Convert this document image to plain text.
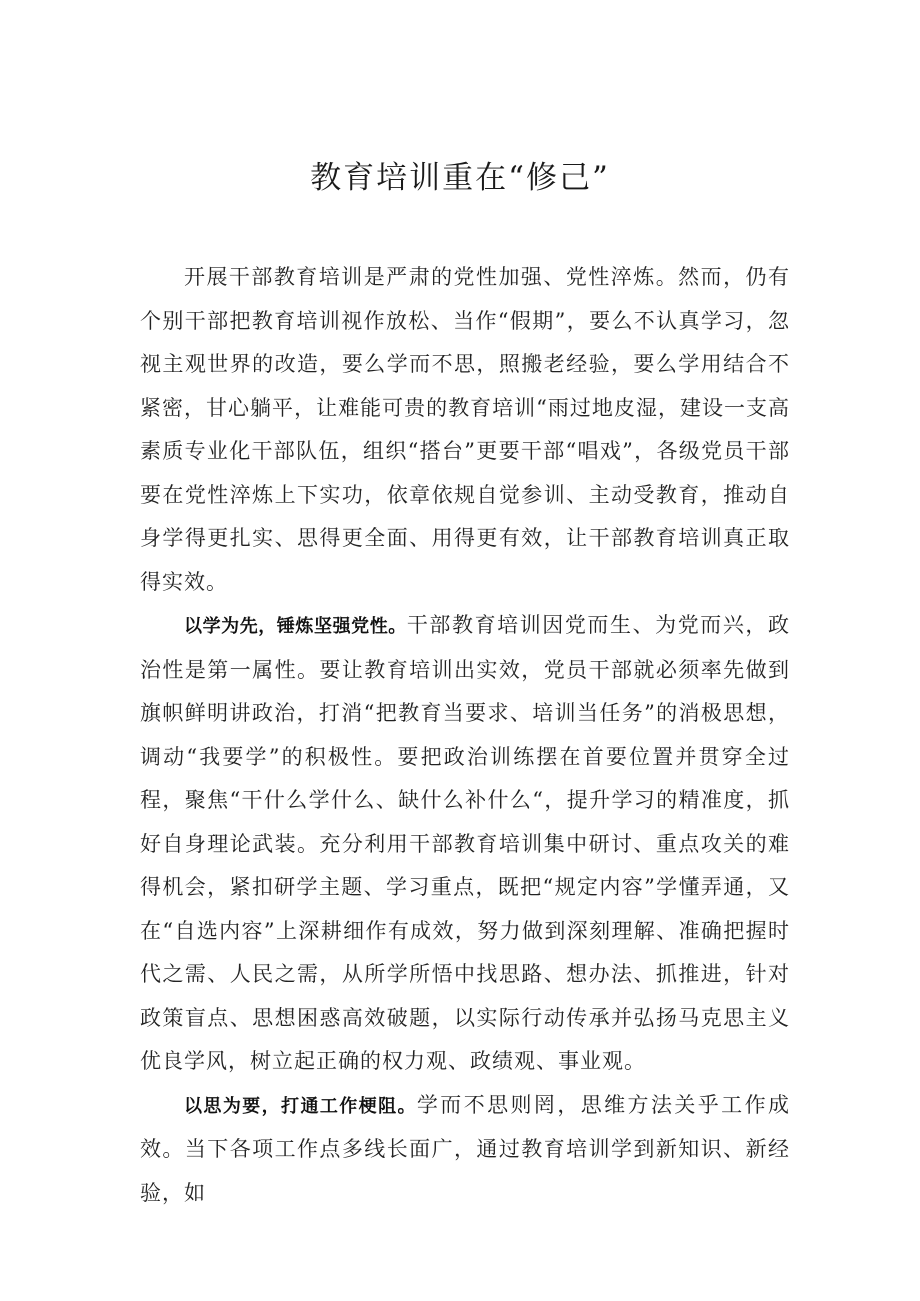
教育培训重在“修己”

开展干部教育培训是严肃的党性加强、党性淬炼。然而，仍有个别干部把教育培训视作放松、当作“假期”，要么不认真学习，忽视主观世界的改造，要么学而不思，照搬老经验，要么学用结合不紧密，甘心躺平，让难能可贵的教育培训“雨过地皮湿，建设一支高素质专业化干部队伍，组织“搭台”更要干部“唱戏”，各级党员干部要在党性淬炼上下实功，依章依规自觉参训、主动受教育，推动自身学得更扎实、思得更全面、用得更有效，让干部教育培训真正取得实效。

以学为先，锤炼坚强党性。干部教育培训因党而生、为党而兴，政治性是第一属性。要让教育培训出实效，党员干部就必须率先做到旗帜鲜明讲政治，打消“把教育当要求、培训当任务”的消极思想，调动“我要学”的积极性。要把政治训练摆在首要位置并贯穿全过程，聚焦“干什么学什么、缺什么补什么“，提升学习的精准度，抓好自身理论武装。充分利用干部教育培训集中研讨、重点攻关的难得机会，紧扣研学主题、学习重点，既把“规定内容”学懂弄通，又在“自选内容”上深耕细作有成效，努力做到深刻理解、准确把握时代之需、人民之需，从所学所悟中找思路、想办法、抓推进，针对政策盲点、思想困惑高效破题，以实际行动传承并弘扬马克思主义优良学风，树立起正确的权力观、政绩观、事业观。

以思为要，打通工作梗阻。学而不思则罔，思维方法关乎工作成效。当下各项工作点多线长面广，通过教育培训学到新知识、新经验，如
